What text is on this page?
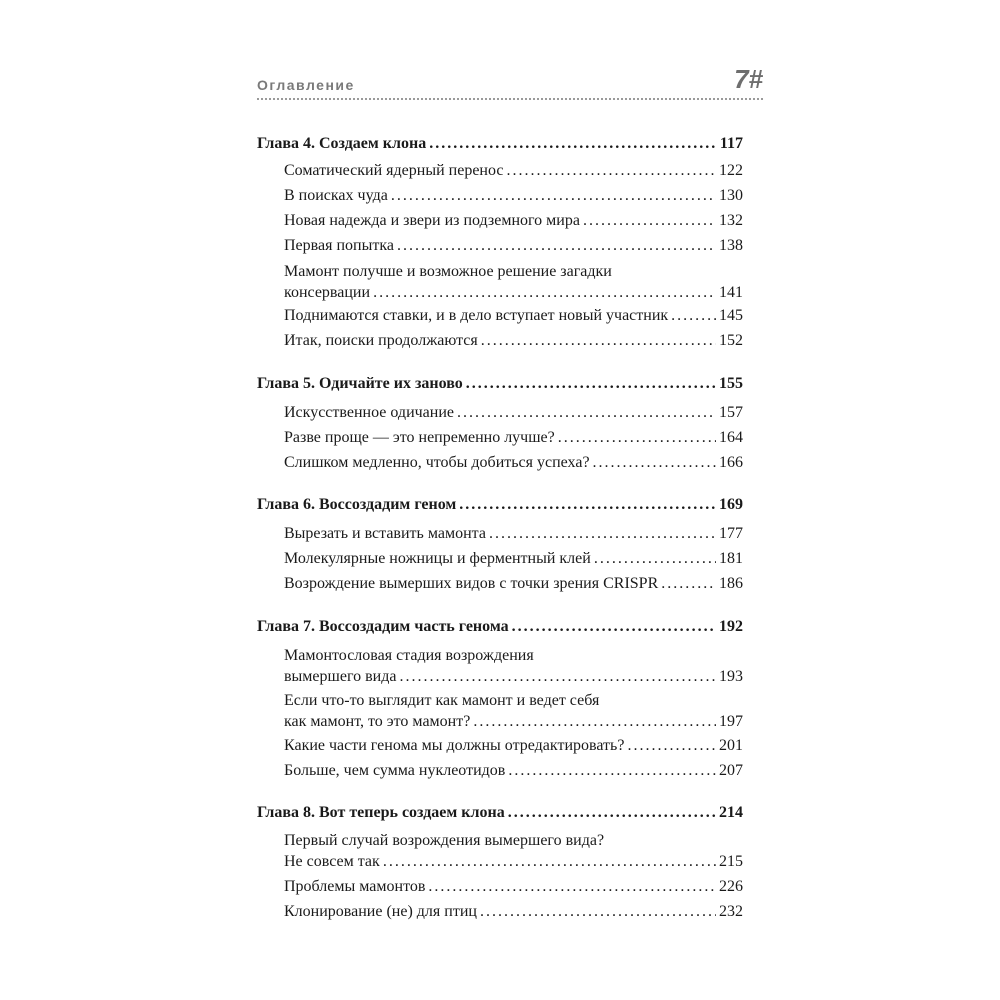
Оглавление	7#
Глава 4. Создаем клона . . .	117
Соматический ядерный перенос . . .	122
В поисках чуда . . .	130
Новая надежда и звери из подземного мира . . .	132
Первая попытка . . .	138
Мамонт получше и возможное решение загадки
консервации . . .	141
Поднимаются ставки, и в дело вступает новый участник . . .	145
Итак, поиски продолжаются . . .	152
Глава 5. Одичайте их заново . . .	155
Искусственное одичание . . .	157
Разве проще — это непременно лучше? . . .	164
Слишком медленно, чтобы добиться успеха? . . .	166
Глава 6. Воссоздадим геном . . .	169
Вырезать и вставить мамонта . . .	177
Молекулярные ножницы и ферментный клей . . .	181
Возрождение вымерших видов с точки зрения CRISPR . . .	186
Глава 7. Воссоздадим часть генома . . .	192
Мамонтословая стадия возрождения
вымершего вида . . .	193
Если что-то выглядит как мамонт и ведет себя
как мамонт, то это мамонт? . . .	197
Какие части генома мы должны отредактировать? . . .	201
Больше, чем сумма нуклеотидов . . .	207
Глава 8. Вот теперь создаем клона . . .	214
Первый случай возрождения вымершего вида?
Не совсем так . . .	215
Проблемы мамонтов . . .	226
Клонирование (не) для птиц . . .	232
